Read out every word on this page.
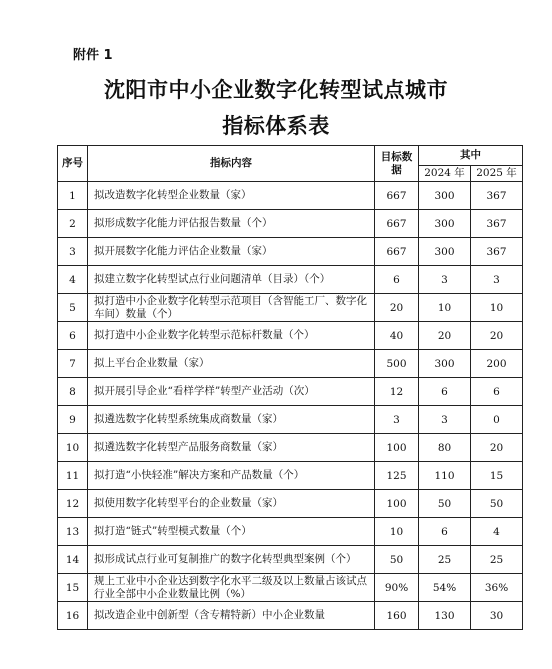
附件 1
沈阳市中小企业数字化转型试点城市
指标体系表
序号	指标内容	目标数据	其中	
			2024 年	2025 年
1	拟改造数字化转型企业数量（家）	667	300	367
2	拟形成数字化能力评估报告数量（个）	667	300	367
3	拟开展数字化能力评估企业数量（家）	667	300	367
4	拟建立数字化转型试点行业问题清单（目录）（个）	6	3	3
5	拟打造中小企业数字化转型示范项目（含智能工厂、数字化车间）数量（个）	20	10	10
6	拟打造中小企业数字化转型示范标杆数量（个）	40	20	20
7	拟上平台企业数量（家）	500	300	200
8	拟开展引导企业“看样学样”转型产业活动（次）	12	6	6
9	拟遴选数字化转型系统集成商数量（家）	3	3	0
10	拟遴选数字化转型产品服务商数量（家）	100	80	20
11	拟打造“小快轻准”解决方案和产品数量（个）	125	110	15
12	拟使用数字化转型平台的企业数量（家）	100	50	50
13	拟打造“链式”转型模式数量（个）	10	6	4
14	拟形成试点行业可复制推广的数字化转型典型案例（个）	50	25	25
15	规上工业中小企业达到数字化水平二级及以上数量占该试点行业全部中小企业数量比例（%）	90%	54%	36%
16	拟改造企业中创新型（含专精特新）中小企业数量	160	130	30
